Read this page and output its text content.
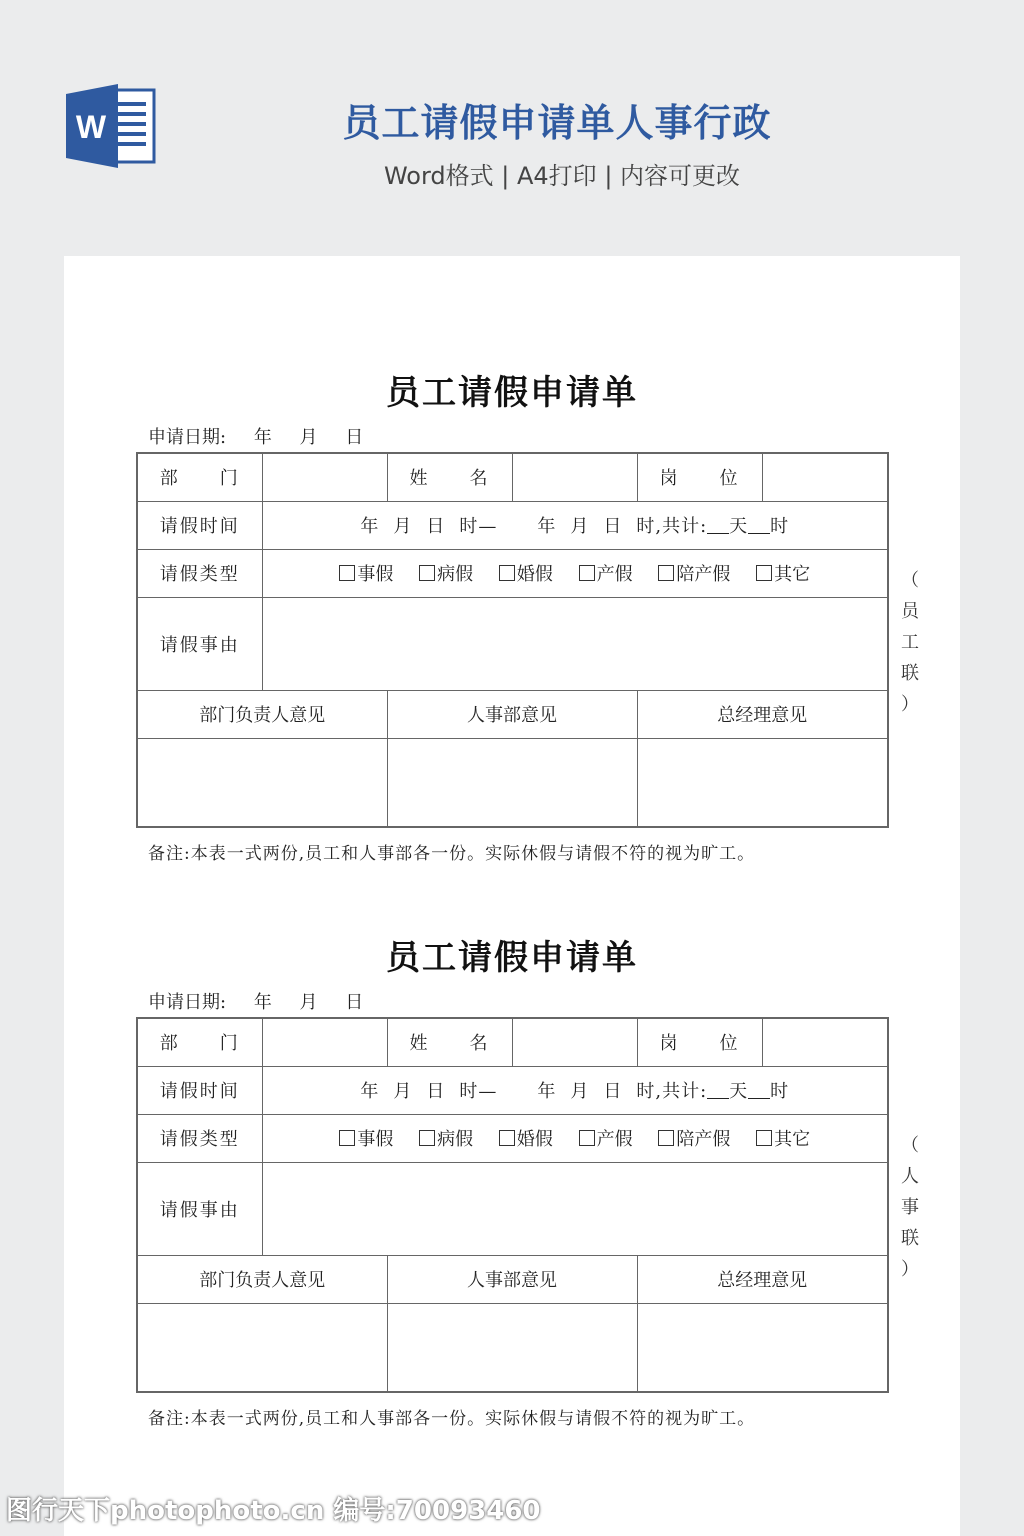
W	员工请假申请单人事行政
Word格式 | A4打印 | 内容可更改
员工请假申请单
申请日期: 年 月 日
部　　门		姓　　名		岗　　位	
请假时间	年 月 日 时— 年 月 日 时,共计: 天 时				
请假类型	事假 病假 婚假 产假 陪产假 其它				
请假事由					
部门负责人意见		人事部意见		总经理意见	

备注:本表一式两份,员工和人事部各一份。实际休假与请假不符的视为旷工。
（
员
工
联
）
员工请假申请单
申请日期: 年 月 日
部　　门		姓　　名		岗　　位	
请假时间	年 月 日 时— 年 月 日 时,共计: 天 时				
请假类型	事假 病假 婚假 产假 陪产假 其它				
请假事由					
部门负责人意见		人事部意见		总经理意见	

备注:本表一式两份,员工和人事部各一份。实际休假与请假不符的视为旷工。
（
人
事
联
）
图行天下photophoto.cn 编号:70093460
